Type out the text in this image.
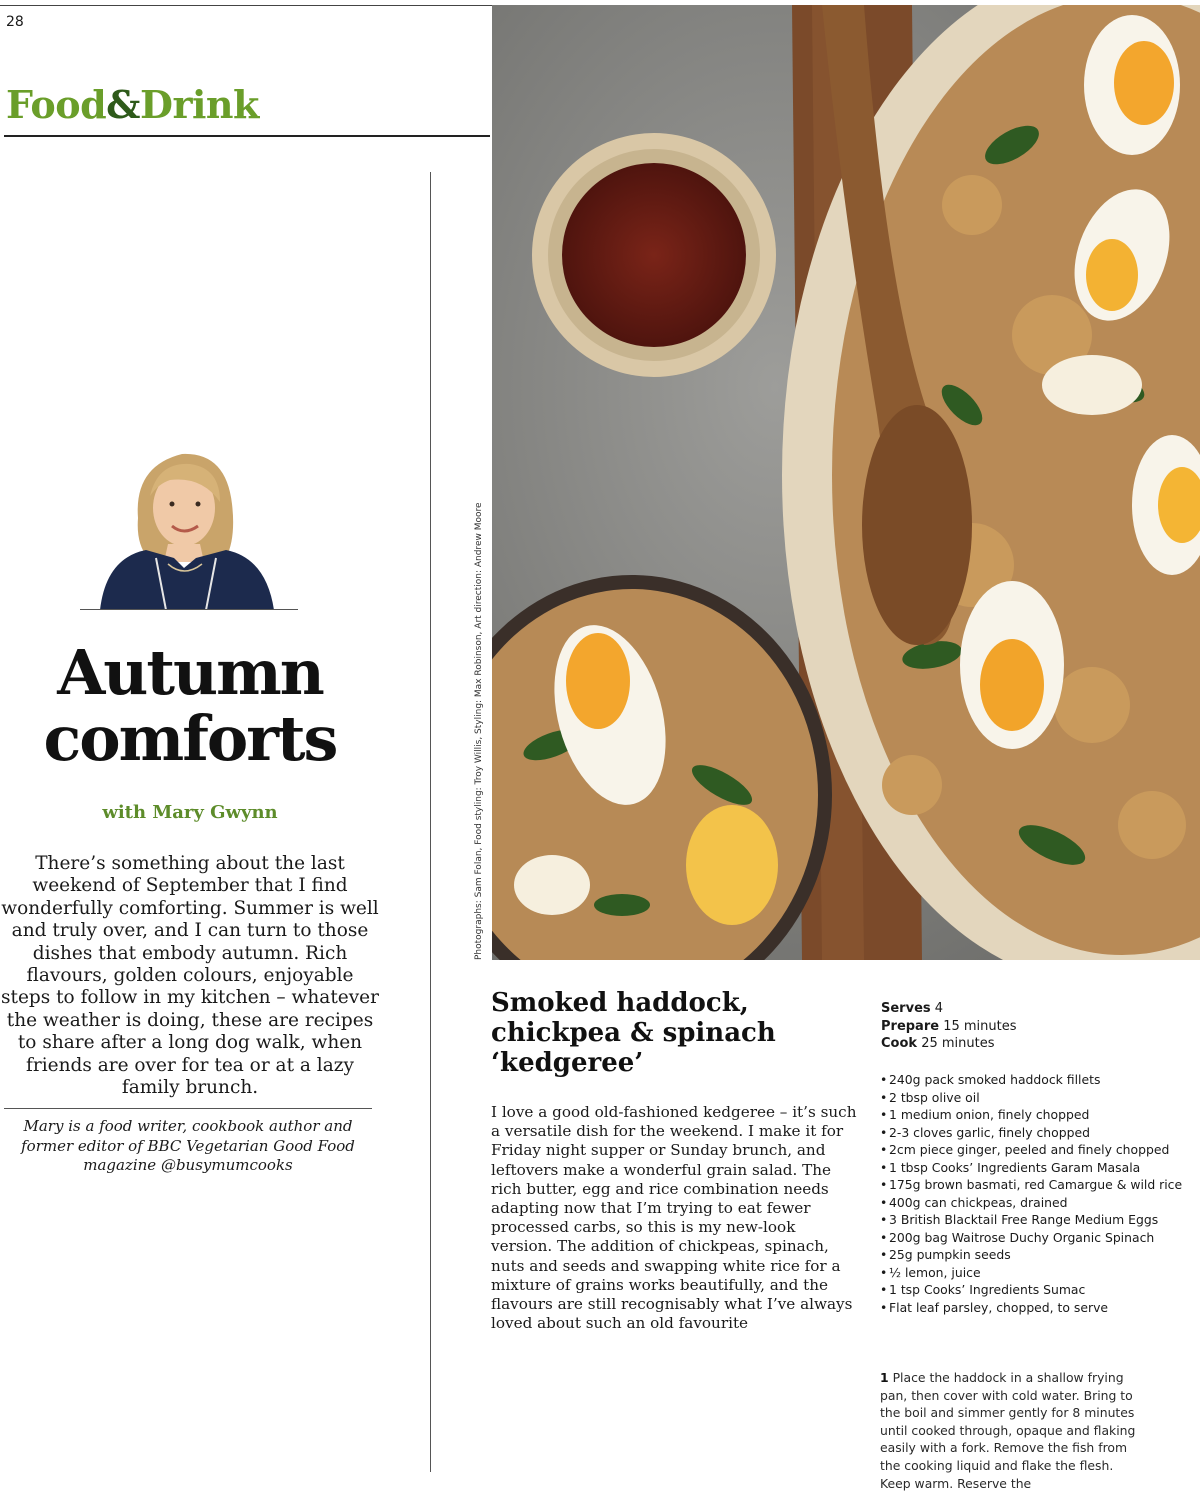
28
Food&Drink
Autumn
comforts
with Mary Gwynn

There’s something about the last weekend of September that I find wonderfully comforting. Summer is well and truly over, and I can turn to those dishes that embody autumn. Rich flavours, golden colours, enjoyable steps to follow in my kitchen – whatever the weather is doing, these are recipes to share after a long dog walk, when friends are over for tea or at a lazy family brunch.

Mary is a food writer, cookbook author and former editor of BBC Vegetarian Good Food magazine @busymumcooks

Photographs: Sam Folan, Food styling: Troy Willis, Styling: Max Robinson, Art direction: Andrew Moore
Smoked haddock,
chickpea & spinach
‘kedgeree’

I love a good old-fashioned kedgeree – it’s such a versatile dish for the weekend. I make it for Friday night supper or Sunday brunch, and leftovers make a wonderful grain salad. The rich butter, egg and rice combination needs adapting now that I’m trying to eat fewer processed carbs, so this is my new-look version. The addition of chickpeas, spinach, nuts and seeds and swapping white rice for a mixture of grains works beautifully, and the flavours are still recognisably what I’ve always loved about such an old favourite

Serves 4
Prepare 15 minutes
Cook 25 minutes
• 240g pack smoked haddock fillets
• 2 tbsp olive oil
• 1 medium onion, finely chopped
• 2-3 cloves garlic, finely chopped
• 2cm piece ginger, peeled and finely chopped
• 1 tbsp Cooks’ Ingredients Garam Masala
• 175g brown basmati, red Camargue & wild rice
• 400g can chickpeas, drained
• 3 British Blacktail Free Range Medium Eggs
• 200g bag Waitrose Duchy Organic Spinach
• 25g pumpkin seeds
• ½ lemon, juice
• 1 tsp Cooks’ Ingredients Sumac
• Flat leaf parsley, chopped, to serve

1 Place the haddock in a shallow frying pan, then cover with cold water. Bring to the boil and simmer gently for 8 minutes until cooked through, opaque and flaking easily with a fork. Remove the fish from the cooking liquid and flake the flesh. Keep warm. Reserve the
